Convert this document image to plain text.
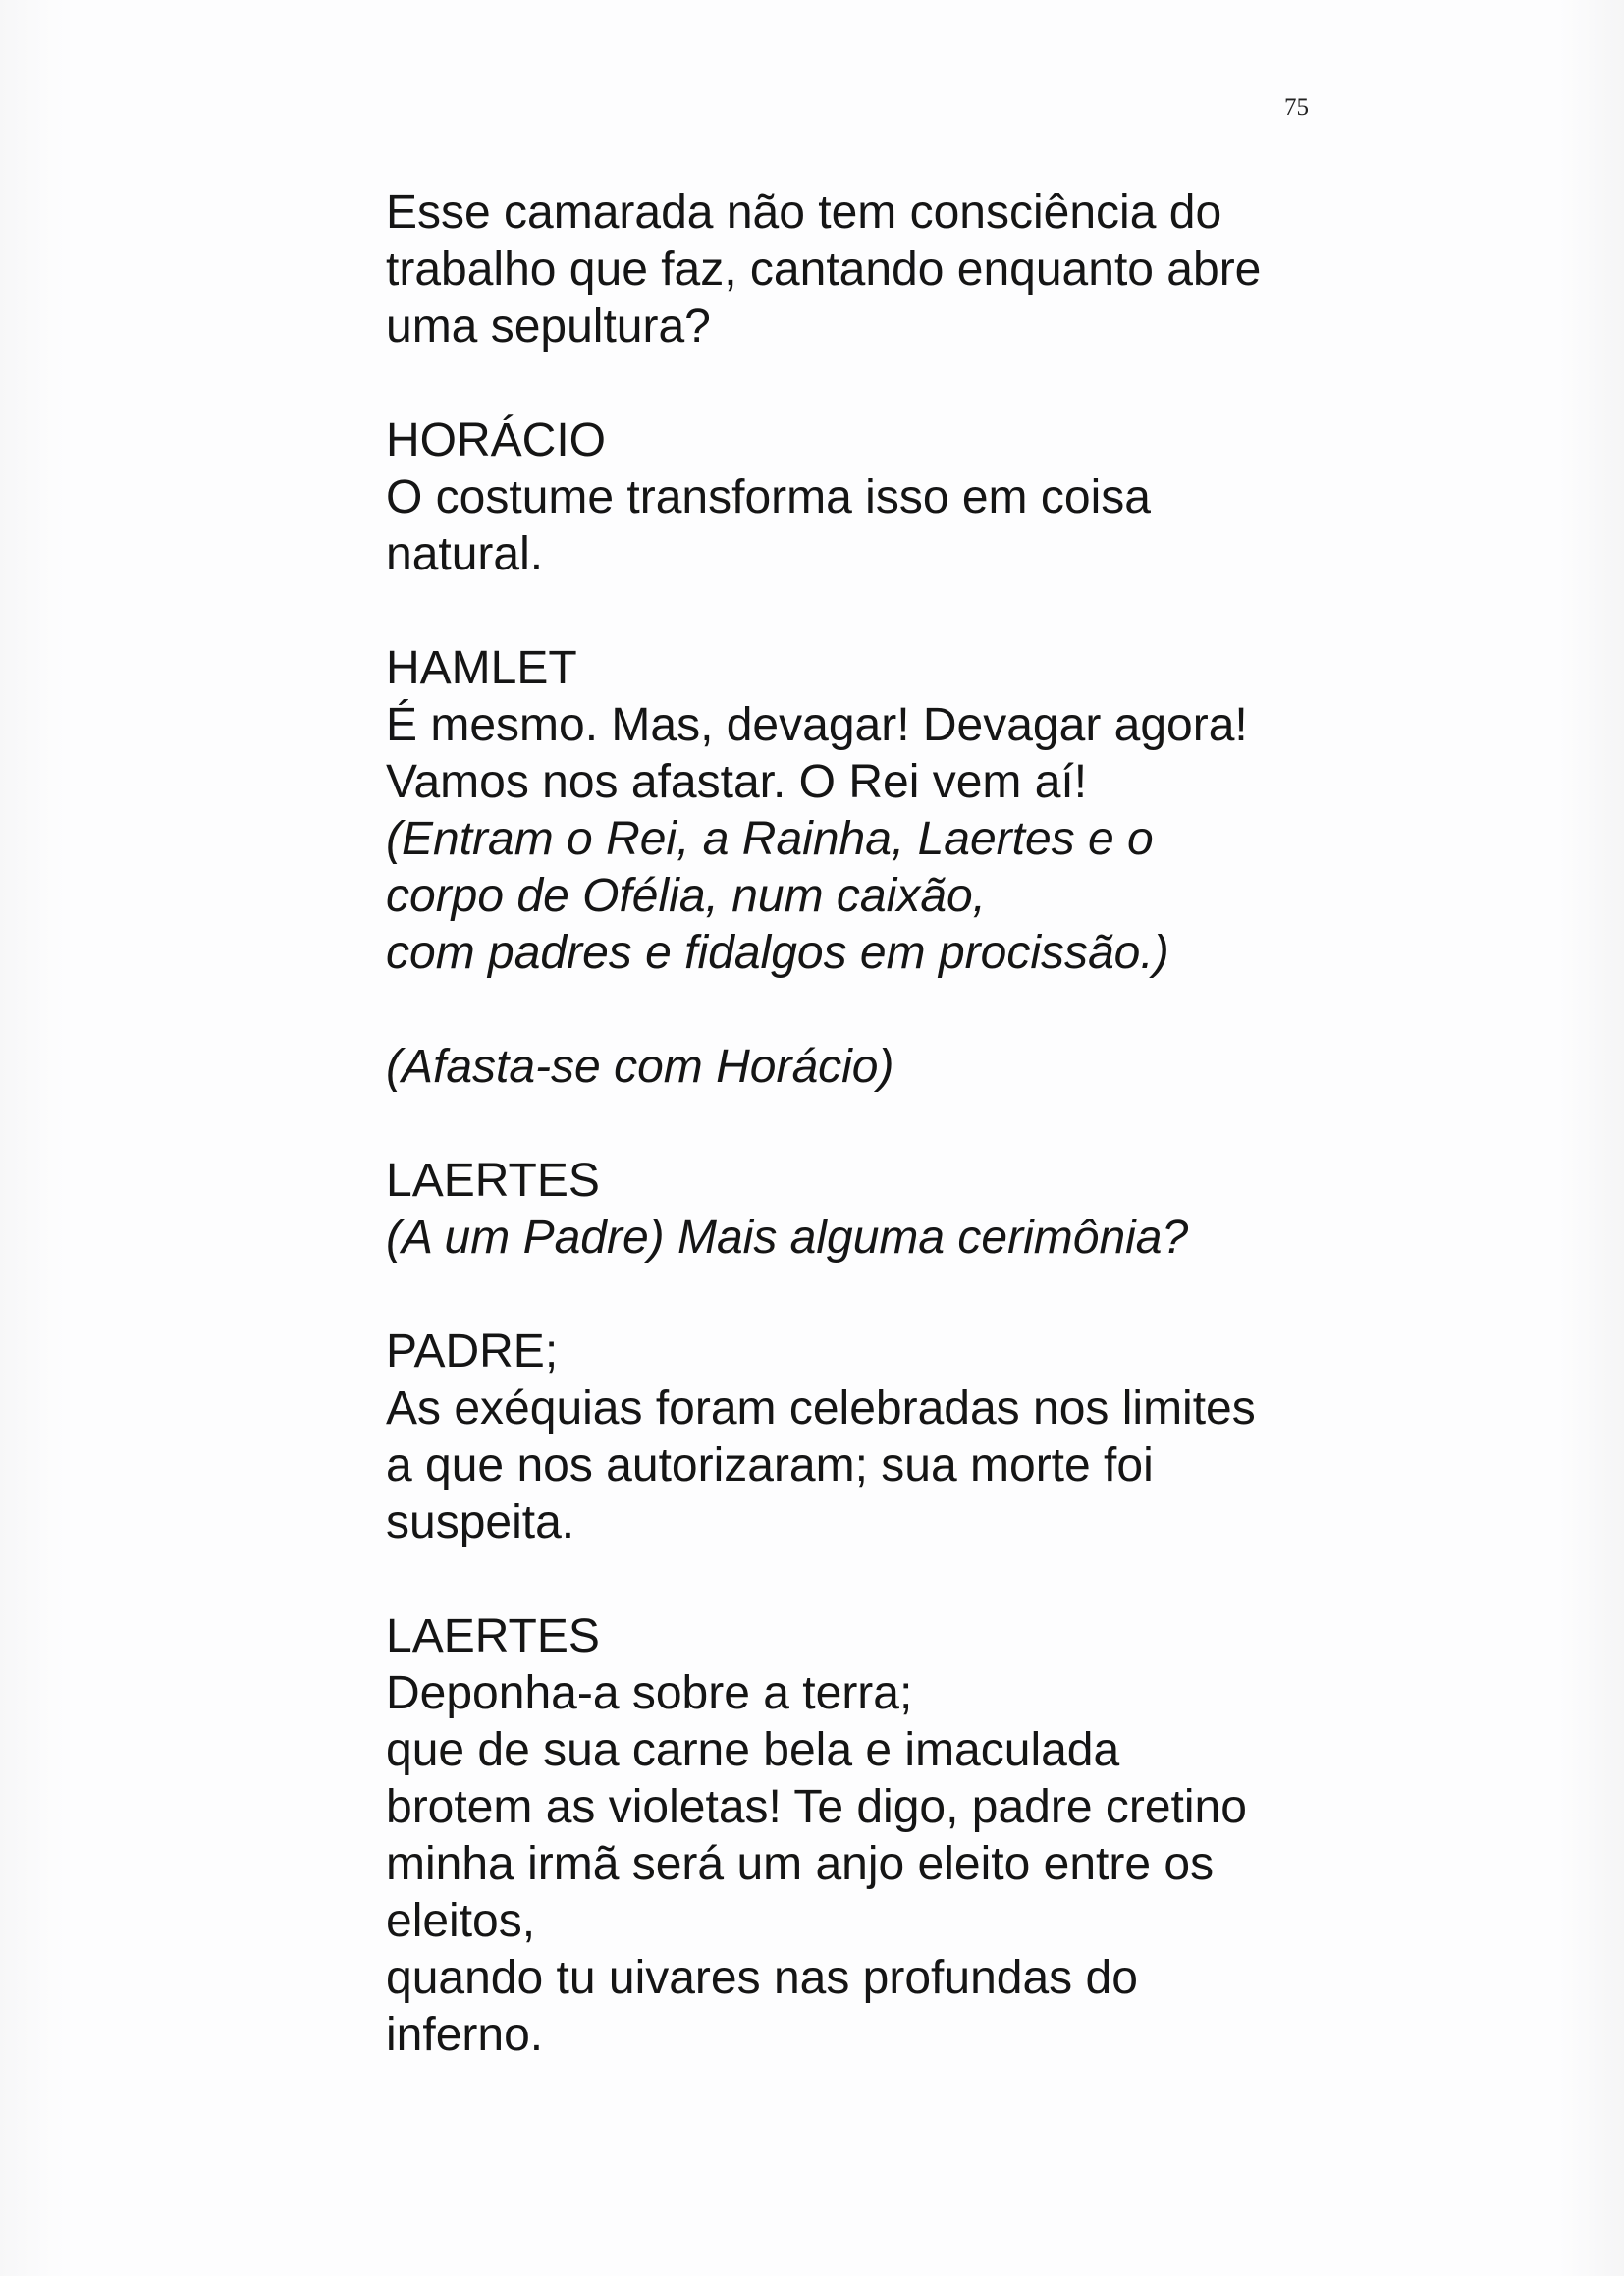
75
Esse camarada não tem consciência do
trabalho que faz, cantando enquanto abre
uma sepultura?
HORÁCIO
O costume transforma isso em coisa
natural.
HAMLET
É mesmo. Mas, devagar! Devagar agora!
Vamos nos afastar. O Rei vem aí!
(Entram o Rei, a Rainha, Laertes e o
corpo de Ofélia, num caixão,
com padres e fidalgos em procissão.)
(Afasta-se com Horácio)
LAERTES
(A um Padre) Mais alguma cerimônia?
PADRE;
As exéquias foram celebradas nos limites
a que nos autorizaram; sua morte foi
suspeita.
LAERTES
Deponha-a sobre a terra;
que de sua carne bela e imaculada
brotem as violetas! Te digo, padre cretino
minha irmã será um anjo eleito entre os
eleitos,
quando tu uivares nas profundas do
inferno.
